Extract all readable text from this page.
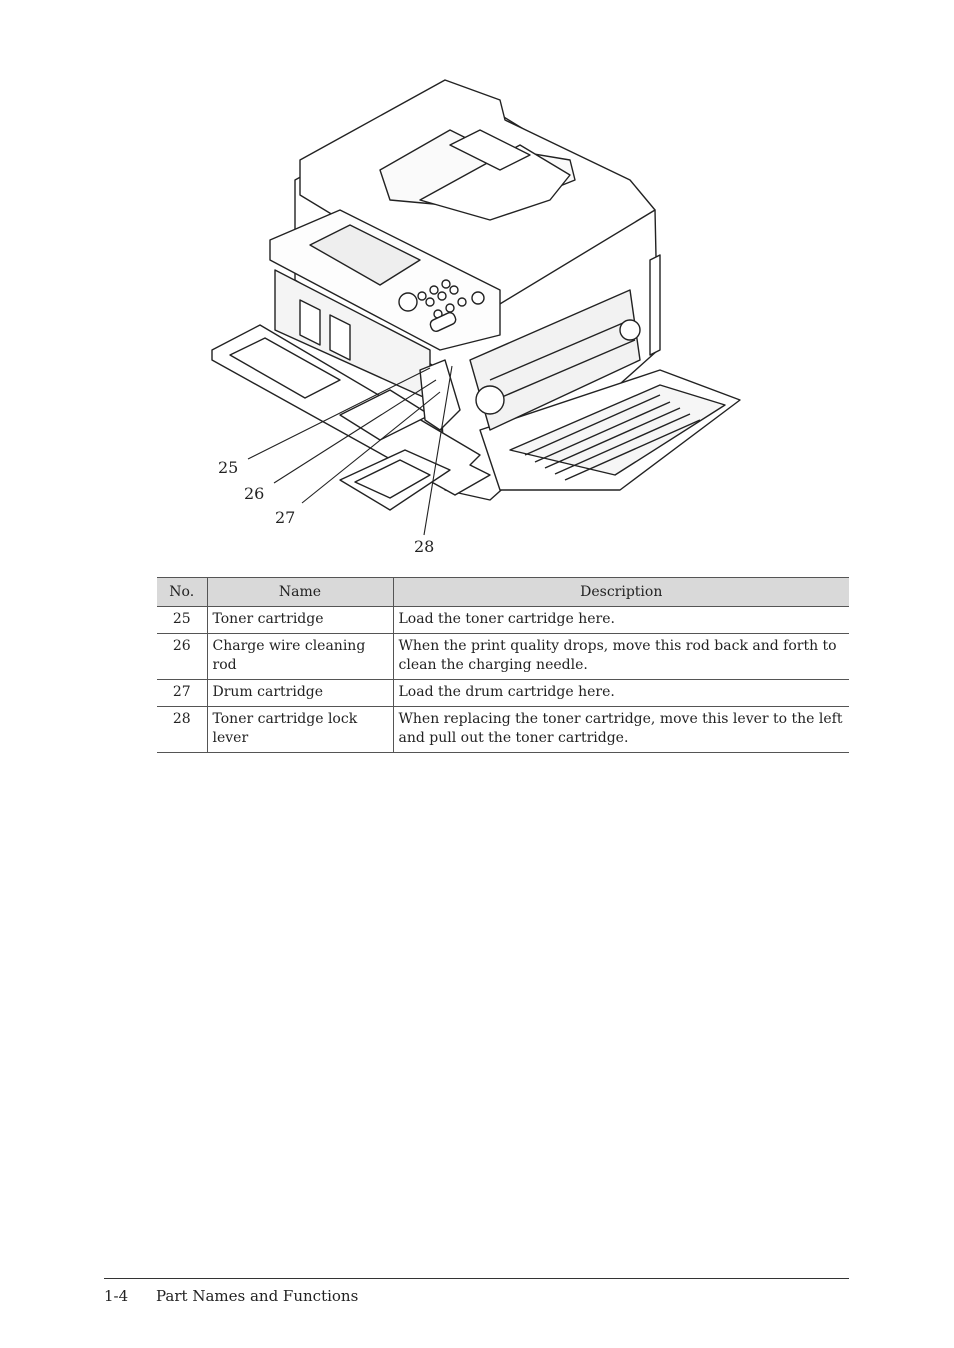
25
26
27
28
No.	Name	Description
25	Toner cartridge	Load the toner cartridge here.
26	Charge wire cleaning rod	When the print quality drops, move this rod back and forth to clean the charging needle.
27	Drum cartridge	Load the drum cartridge here.
28	Toner cartridge lock lever	When replacing the toner cartridge, move this lever to the left and pull out the toner cartridge.
1-4 Part Names and Functions
